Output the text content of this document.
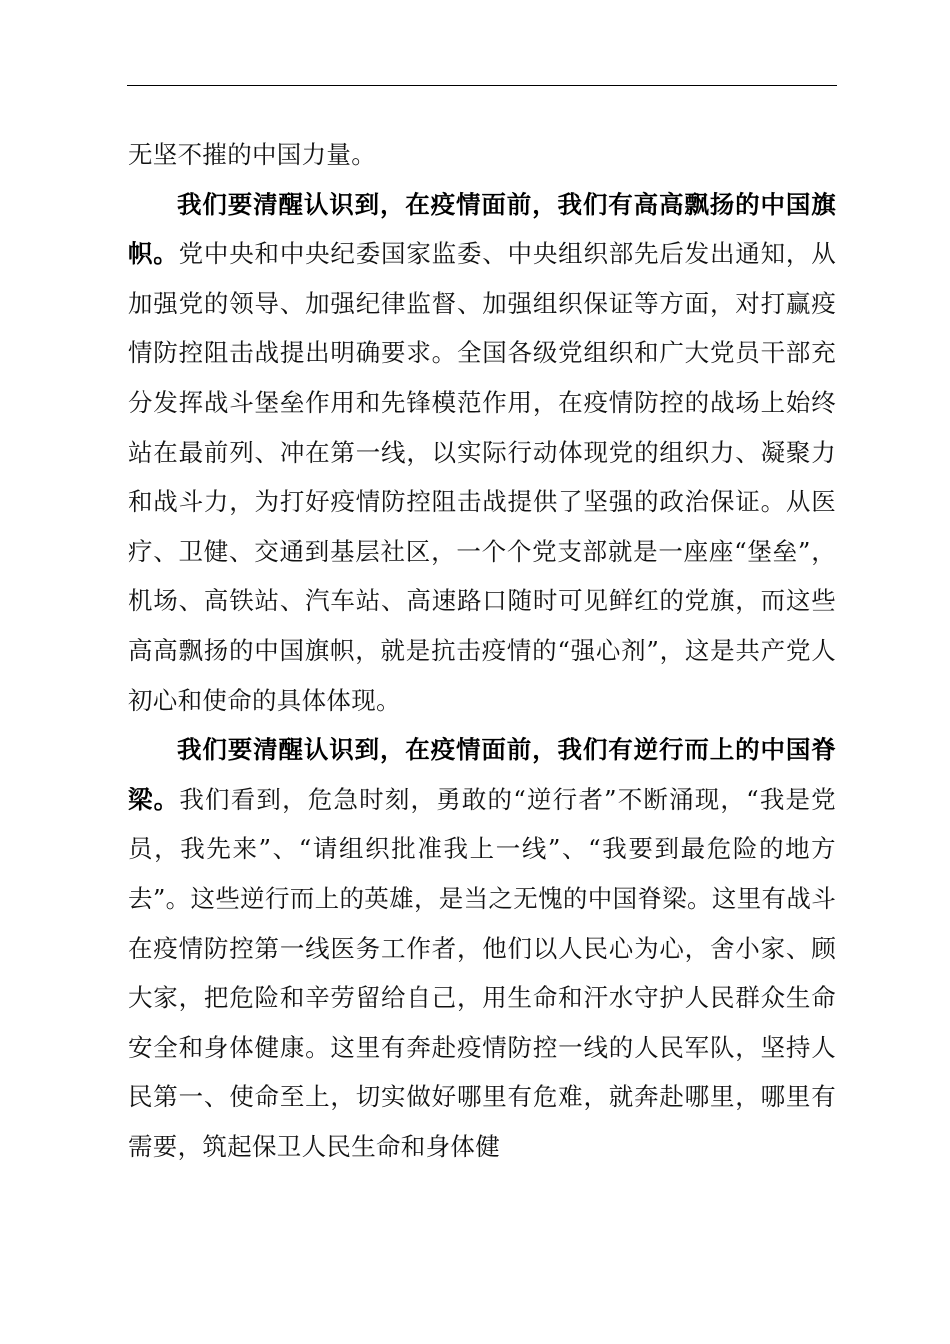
无坚不摧的中国力量。

我们要清醒认识到，在疫情面前，我们有高高飘扬的中国旗帜。党中央和中央纪委国家监委、中央组织部先后发出通知，从加强党的领导、加强纪律监督、加强组织保证等方面，对打赢疫情防控阻击战提出明确要求。全国各级党组织和广大党员干部充分发挥战斗堡垒作用和先锋模范作用，在疫情防控的战场上始终站在最前列、冲在第一线，以实际行动体现党的组织力、凝聚力和战斗力，为打好疫情防控阻击战提供了坚强的政治保证。从医疗、卫健、交通到基层社区，一个个党支部就是一座座“堡垒”，机场、高铁站、汽车站、高速路口随时可见鲜红的党旗，而这些高高飘扬的中国旗帜，就是抗击疫情的“强心剂”，这是共产党人初心和使命的具体体现。

我们要清醒认识到，在疫情面前，我们有逆行而上的中国脊梁。我们看到，危急时刻，勇敢的“逆行者”不断涌现，“我是党员，我先来”、“请组织批准我上一线”、“我要到最危险的地方去”。这些逆行而上的英雄，是当之无愧的中国脊梁。这里有战斗在疫情防控第一线医务工作者，他们以人民心为心，舍小家、顾大家，把危险和辛劳留给自己，用生命和汗水守护人民群众生命安全和身体健康。这里有奔赴疫情防控一线的人民军队，坚持人民第一、使命至上，切实做好哪里有危难，就奔赴哪里，哪里有需要，筑起保卫人民生命和身体健
